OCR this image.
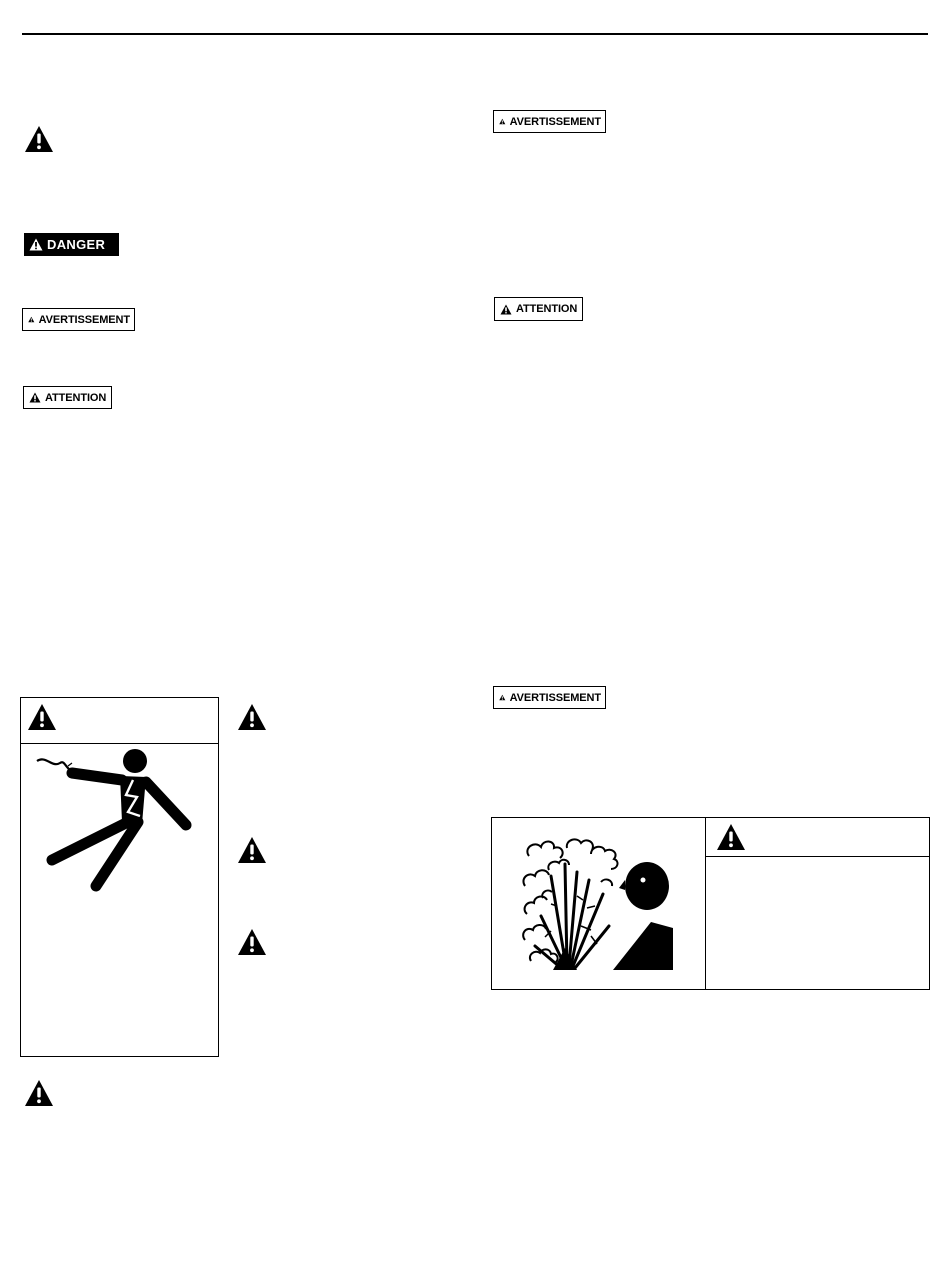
DANGER
AVERTISSEMENT
ATTENTION
AVERTISSEMENT
ATTENTION
AVERTISSEMENT
